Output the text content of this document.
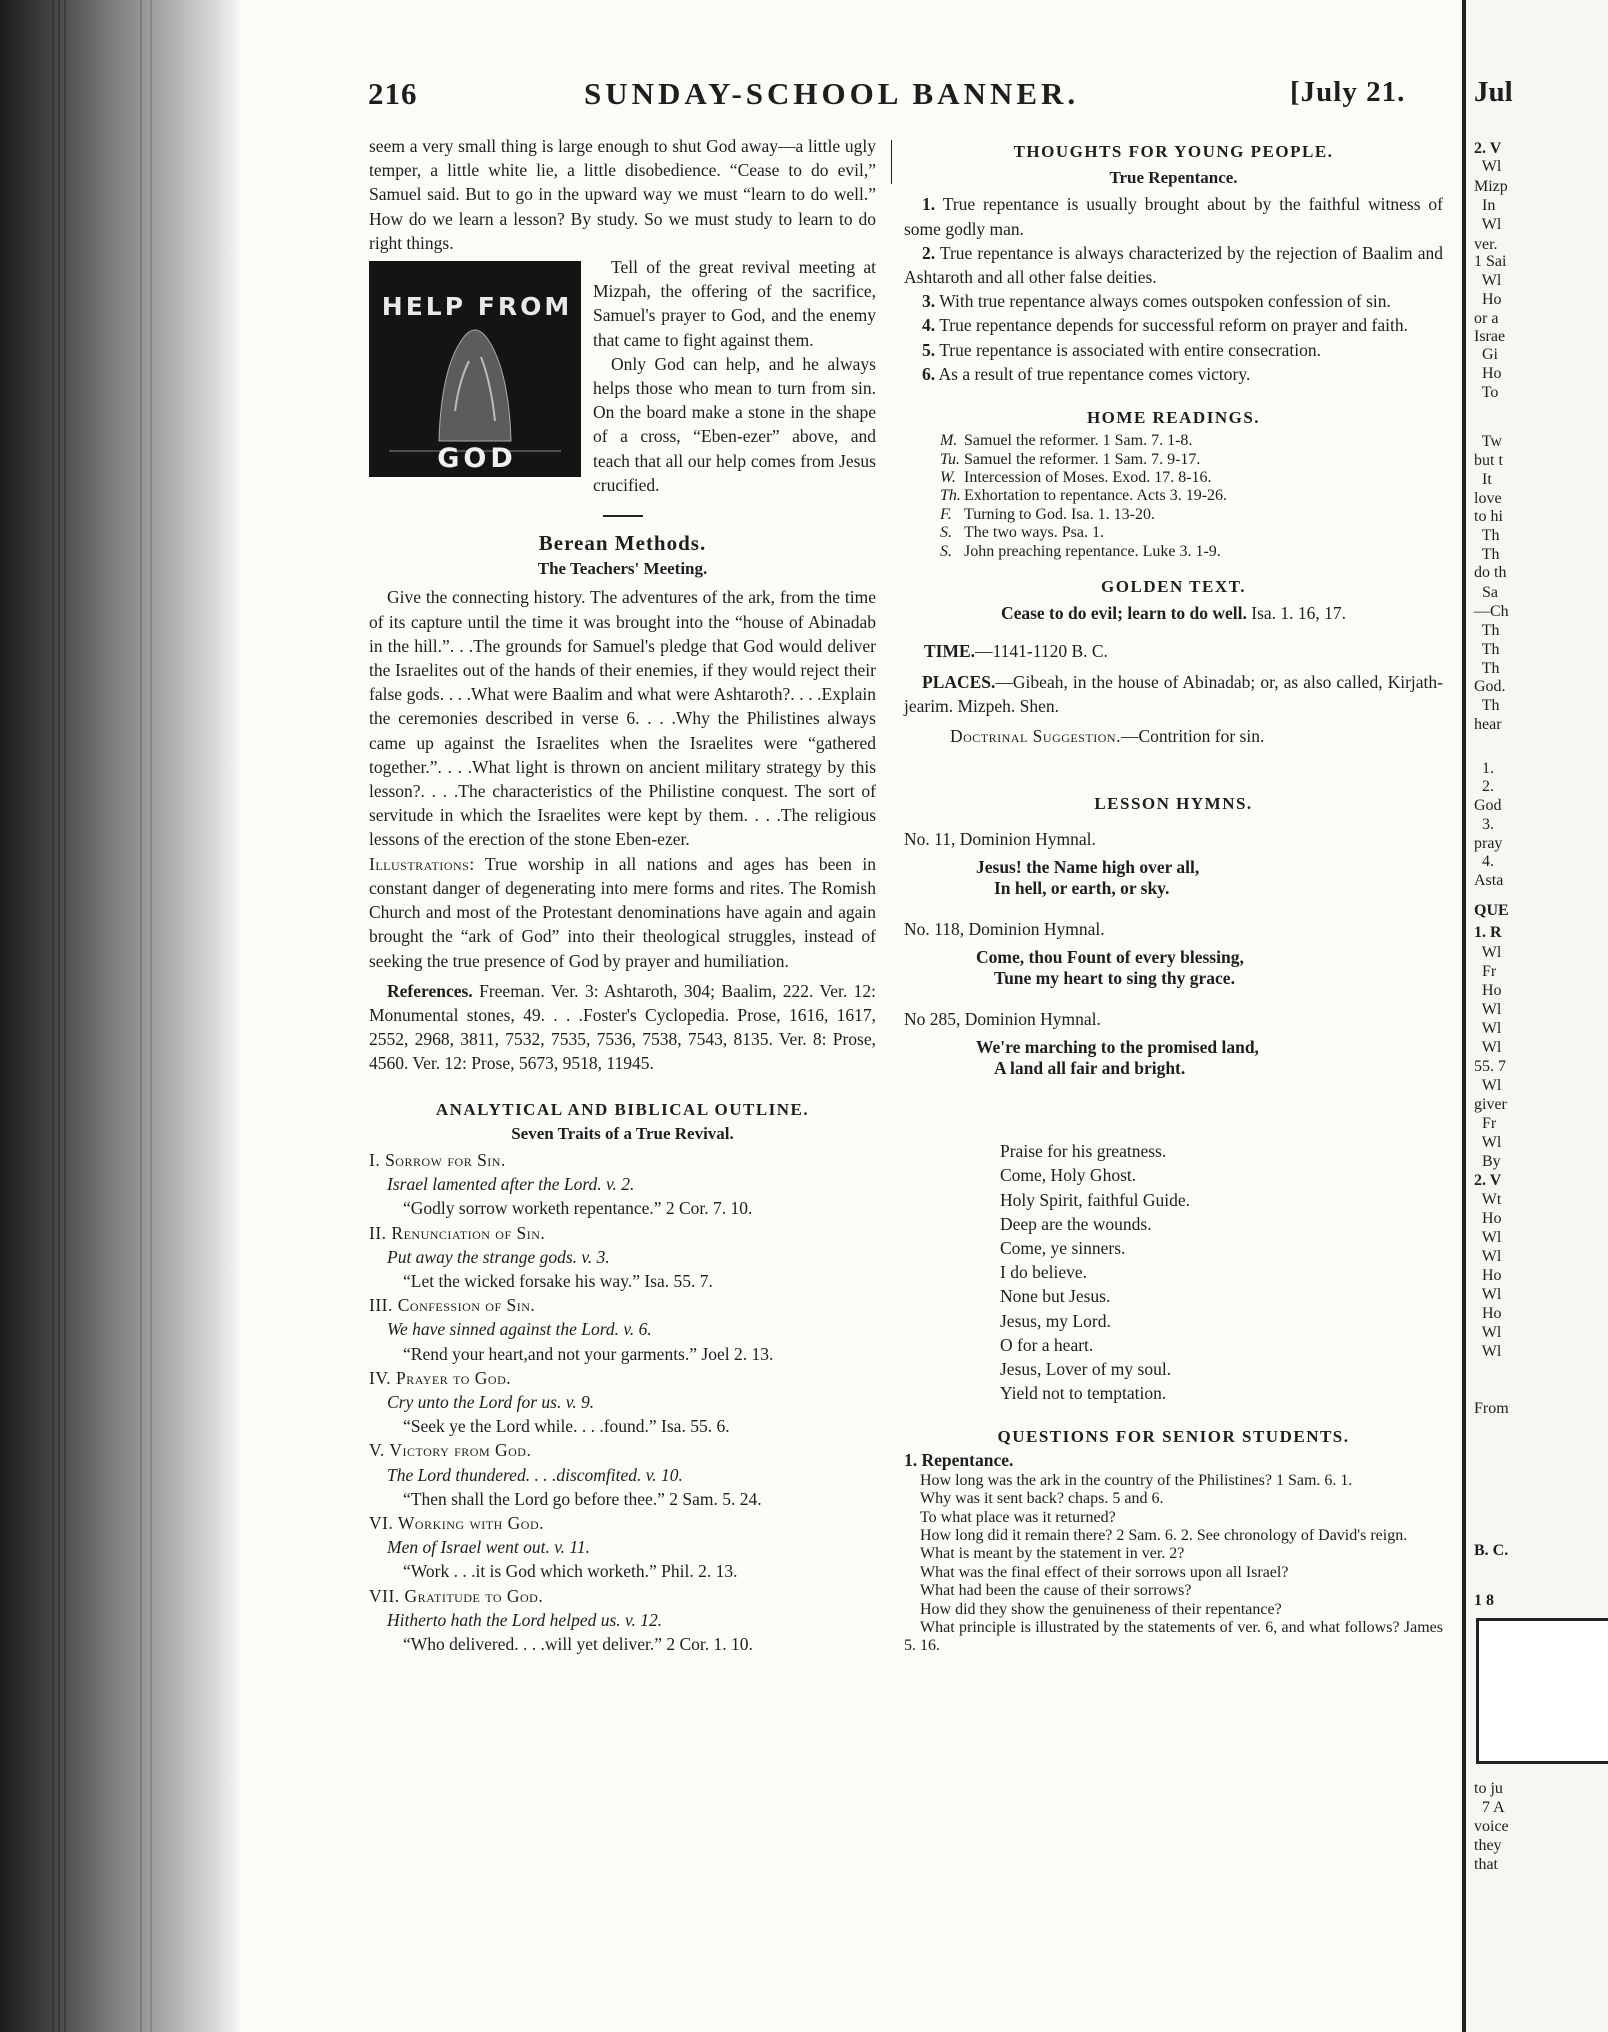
216	SUNDAY-SCHOOL BANNER.	[July 21.

seem a very small thing is large enough to shut God away—a little ugly temper, a little white lie, a little disobedience. “Cease to do evil,” Samuel said. But to go in the upward way we must “learn to do well.” How do we learn a lesson? By study. So we must study to learn to do right things.

HELP FROM
GOD

Tell of the great revival meeting at Mizpah, the offering of the sacrifice, Samuel's prayer to God, and the enemy that came to fight against them.

Only God can help, and he always helps those who mean to turn from sin. On the board make a stone in the shape of a cross, “Eben-ezer” above, and teach that all our help comes from Jesus crucified.

Berean Methods.
The Teachers' Meeting.

Give the connecting history. The adventures of the ark, from the time of its capture until the time it was brought into the “house of Abinadab in the hill.”. . .The grounds for Samuel's pledge that God would deliver the Israelites out of the hands of their enemies, if they would reject their false gods. . . .What were Baalim and what were Ashtaroth?. . . .Explain the ceremonies described in verse 6. . . .Why the Philistines always came up against the Israelites when the Israelites were “gathered together.”. . . .What light is thrown on ancient military strategy by this lesson?. . . .The characteristics of the Philistine conquest. The sort of servitude in which the Israelites were kept by them. . . .The religious lessons of the erection of the stone Eben-ezer.

Illustrations: True worship in all nations and ages has been in constant danger of degenerating into mere forms and rites. The Romish Church and most of the Protestant denominations have again and again brought the “ark of God” into their theological struggles, instead of seeking the true presence of God by prayer and humiliation.

References. Freeman. Ver. 3: Ashtaroth, 304; Baalim, 222. Ver. 12: Monumental stones, 49. . . .Foster's Cyclopedia. Prose, 1616, 1617, 2552, 2968, 3811, 7532, 7535, 7536, 7538, 7543, 8135. Ver. 8: Prose, 4560. Ver. 12: Prose, 5673, 9518, 11945.

ANALYTICAL AND BIBLICAL OUTLINE.
Seven Traits of a True Revival.
I. Sorrow for Sin.
Israel lamented after the Lord. v. 2.
“Godly sorrow worketh repentance.” 2 Cor. 7. 10.
II. Renunciation of Sin.
Put away the strange gods. v. 3.
“Let the wicked forsake his way.” Isa. 55. 7.
III. Confession of Sin.
We have sinned against the Lord. v. 6.
“Rend your heart,and not your garments.” Joel 2. 13.
IV. Prayer to God.
Cry unto the Lord for us. v. 9.
“Seek ye the Lord while. . . .found.” Isa. 55. 6.
V. Victory from God.
The Lord thundered. . . .discomfited. v. 10.
“Then shall the Lord go before thee.” 2 Sam. 5. 24.
VI. Working with God.
Men of Israel went out. v. 11.
“Work . . .it is God which worketh.” Phil. 2. 13.
VII. Gratitude to God.
Hitherto hath the Lord helped us. v. 12.
“Who delivered. . . .will yet deliver.” 2 Cor. 1. 10.
THOUGHTS FOR YOUNG PEOPLE.
True Repentance.

1. True repentance is usually brought about by the faithful witness of some godly man.

2. True repentance is always characterized by the rejection of Baalim and Ashtaroth and all other false deities.

3. With true repentance always comes outspoken confession of sin.

4. True repentance depends for successful reform on prayer and faith.

5. True repentance is associated with entire consecration.

6. As a result of true repentance comes victory.

HOME READINGS.
M. Samuel the reformer. 1 Sam. 7. 1-8.
Tu. Samuel the reformer. 1 Sam. 7. 9-17.
W. Intercession of Moses. Exod. 17. 8-16.
Th. Exhortation to repentance. Acts 3. 19-26.
F. Turning to God. Isa. 1. 13-20.
S. The two ways. Psa. 1.
S. John preaching repentance. Luke 3. 1-9.
GOLDEN TEXT.
Cease to do evil; learn to do well. Isa. 1. 16, 17.

TIME.—1141-1120 B. C.

PLACES.—Gibeah, in the house of Abinadab; or, as also called, Kirjath-jearim. Mizpeh. Shen.

Doctrinal Suggestion.—Contrition for sin.

LESSON HYMNS.
No. 11, Dominion Hymnal.
Jesus! the Name high over all,
In hell, or earth, or sky.
No. 118, Dominion Hymnal.
Come, thou Fount of every blessing,
Tune my heart to sing thy grace.
No 285, Dominion Hymnal.
We're marching to the promised land,
A land all fair and bright.
Praise for his greatness.
Come, Holy Ghost.
Holy Spirit, faithful Guide.
Deep are the wounds.
Come, ye sinners.
I do believe.
None but Jesus.
Jesus, my Lord.
O for a heart.
Jesus, Lover of my soul.
Yield not to temptation.
QUESTIONS FOR SENIOR STUDENTS.
1. Repentance.

How long was the ark in the country of the Philistines? 1 Sam. 6. 1.

Why was it sent back? chaps. 5 and 6.

To what place was it returned?

How long did it remain there? 2 Sam. 6. 2. See chronology of David's reign.

What is meant by the statement in ver. 2?

What was the final effect of their sorrows upon all Israel?

What had been the cause of their sorrows?

How did they show the genuineness of their repentance?

What principle is illustrated by the statements of ver. 6, and what follows? James 5. 16.

Jul
2. V
Wl
Mizp
In
Wl
ver.
1 Sai
Wl
Ho
or a
Israe
Gi
Ho
To
Tw
but t
It
love
to hi
Th
Th
do th
Sa
—Ch
Th
Th
Th
God.
Th
hear
1.
2.
God
3.
pray
4.
Asta
QUE
1. R
Wl
Fr
Ho
Wl
Wl
Wl
55. 7
Wl
giver
Fr
Wl
By
2. V
Wt
Ho
Wl
Wl
Ho
Wl
Ho
Wl
Wl
From
B. C.
1 8
to ju
7 A
voice
they
that
